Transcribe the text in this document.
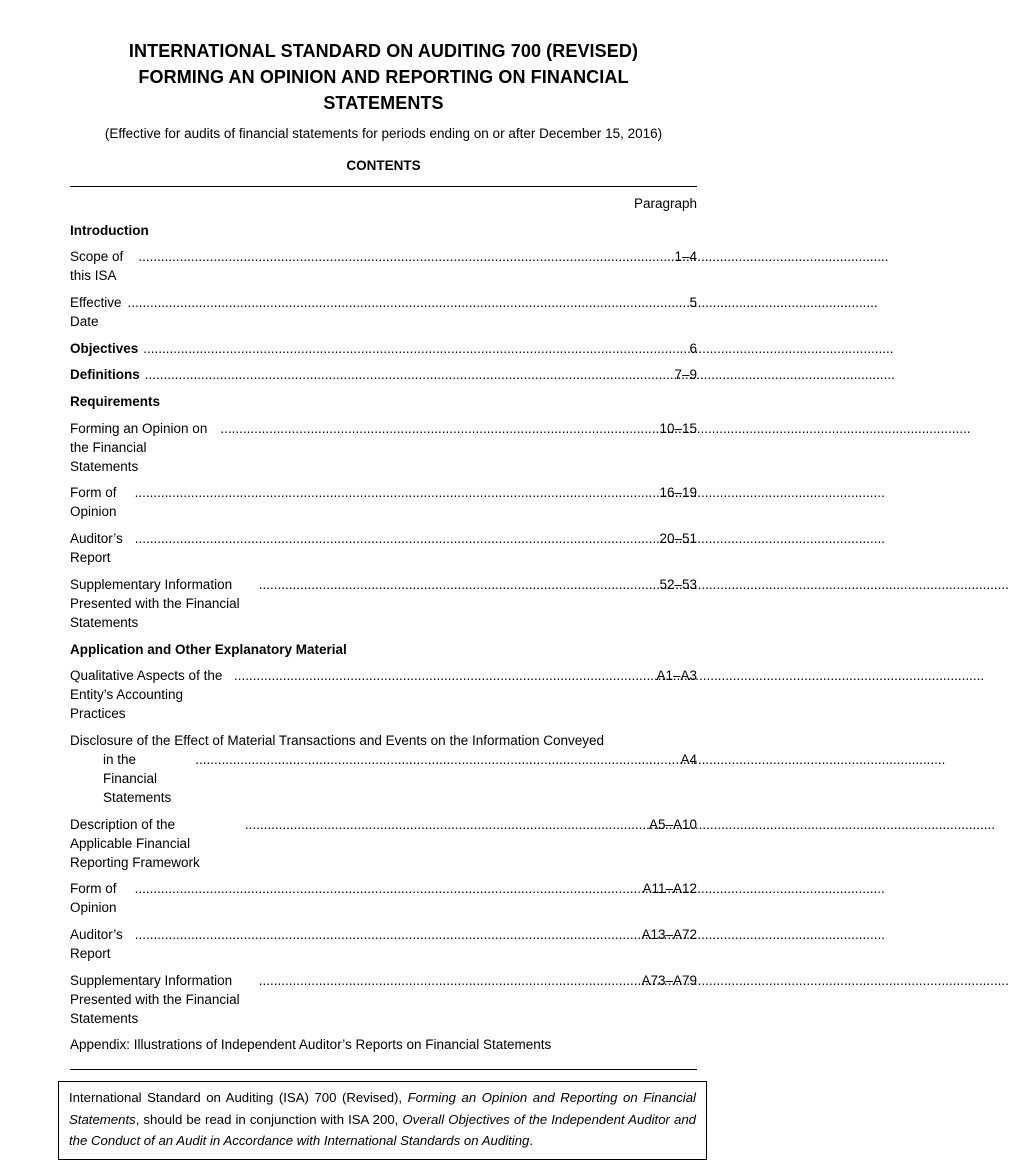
INTERNATIONAL STANDARD ON AUDITING 700 (REVISED)
FORMING AN OPINION AND REPORTING ON FINANCIAL
STATEMENTS
(Effective for audits of financial statements for periods ending on or after December 15, 2016)
CONTENTS
Paragraph
Introduction
Scope of this ISA
.....
1–4
Effective Date
.....
5
Objectives .....	6
Definitions .....	7–9
Requirements
Forming an Opinion on the Financial Statements
.....
10–15
Form of Opinion
.....
16–19
Auditor’s Report
.....
20–51
Supplementary Information Presented with the Financial Statements
.....
52–53
Application and Other Explanatory Material
Qualitative Aspects of the Entity’s Accounting Practices
.....
A1–A3
Disclosure of the Effect of Material Transactions and Events on the Information Conveyed
in the Financial Statements
.....
A4
Description of the Applicable Financial Reporting Framework
.....
A5–A10
Form of Opinion
.....
A11–A12
Auditor’s Report
.....
A13–A72
Supplementary Information Presented with the Financial Statements
.....
A73–A79
Appendix: Illustrations of Independent Auditor’s Reports on Financial Statements
International Standard on Auditing (ISA) 700 (Revised), Forming an Opinion and Reporting on Financial Statements, should be read in conjunction with ISA 200, Overall Objectives of the Independent Auditor and the Conduct of an Audit in Accordance with International Standards on Auditing.
